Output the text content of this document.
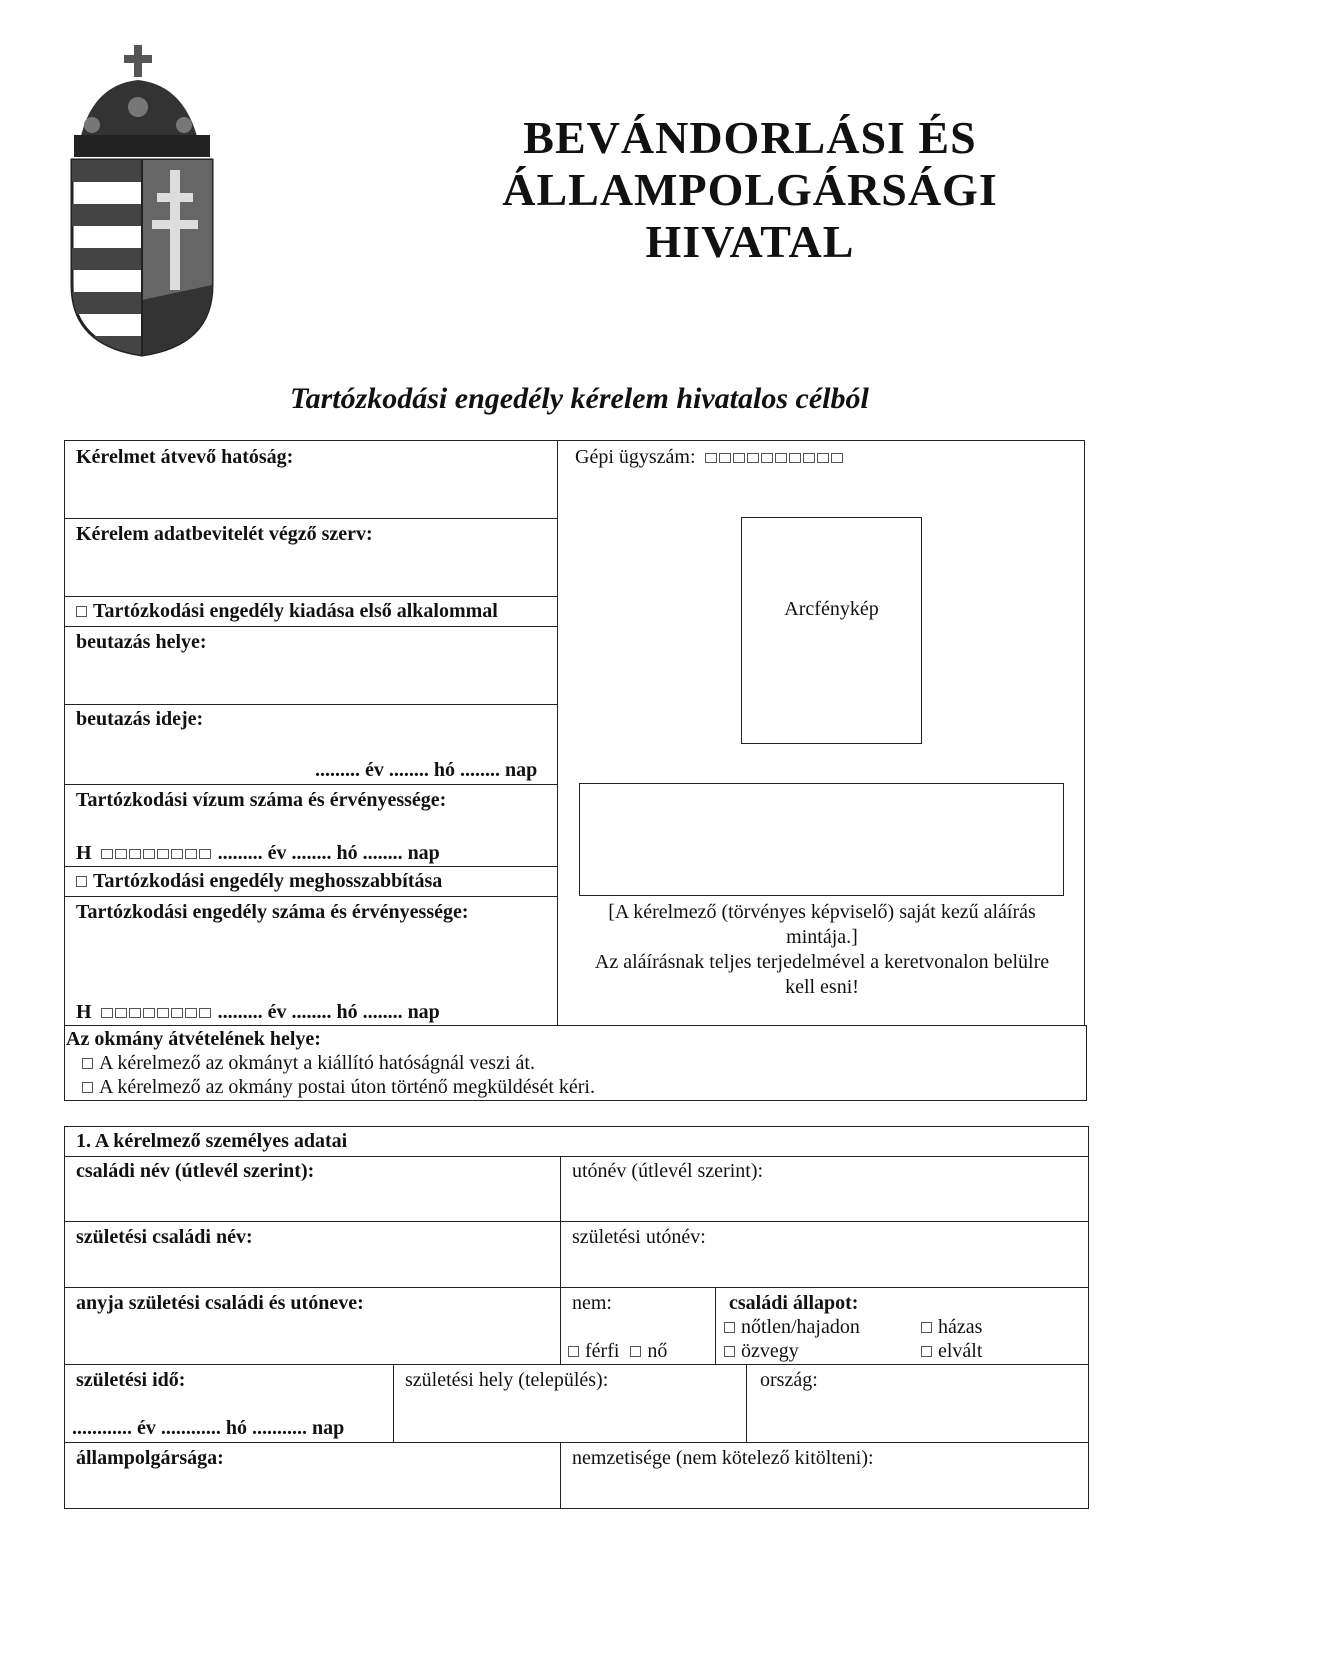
BEVÁNDORLÁSI ÉS
ÁLLAMPOLGÁRSÁGI
HIVATAL
Tartózkodási engedély kérelem hivatalos célból
Kérelmet átvevő hatóság:
Kérelem adatbevitelét végző szerv:
Tartózkodási engedély kiadása első alkalommal
beutazás helye:
beutazás ideje:
......... év ........ hó ........ nap
Tartózkodási vízum száma és érvényessége:
H	......... év ........ hó ........ nap
Tartózkodási engedély meghosszabbítása
Tartózkodási engedély száma és érvényessége:
H	......... év ........ hó ........ nap
Gépi ügyszám:
Arcfénykép
[A kérelmező (törvényes képviselő) saját kezű aláírás mintája.]
Az aláírásnak teljes terjedelmével a keretvonalon belülre kell esni!
Az okmány átvételének helye:
A kérelmező az okmányt a kiállító hatóságnál veszi át.
A kérelmező az okmány postai úton történő megküldését kéri.
1. A kérelmező személyes adatai
családi név (útlevél szerint):	utónév (útlevél szerint):
születési családi név:	születési utónév:
anyja születési családi és utóneve:	nem:
férfi nő
családi állapot:
nőtlen/hajadon	házas
özvegy	elvált
születési idő:
............ év ............ hó ........... nap
születési hely (település):	ország:
állampolgársága:	nemzetisége (nem kötelező kitölteni):
